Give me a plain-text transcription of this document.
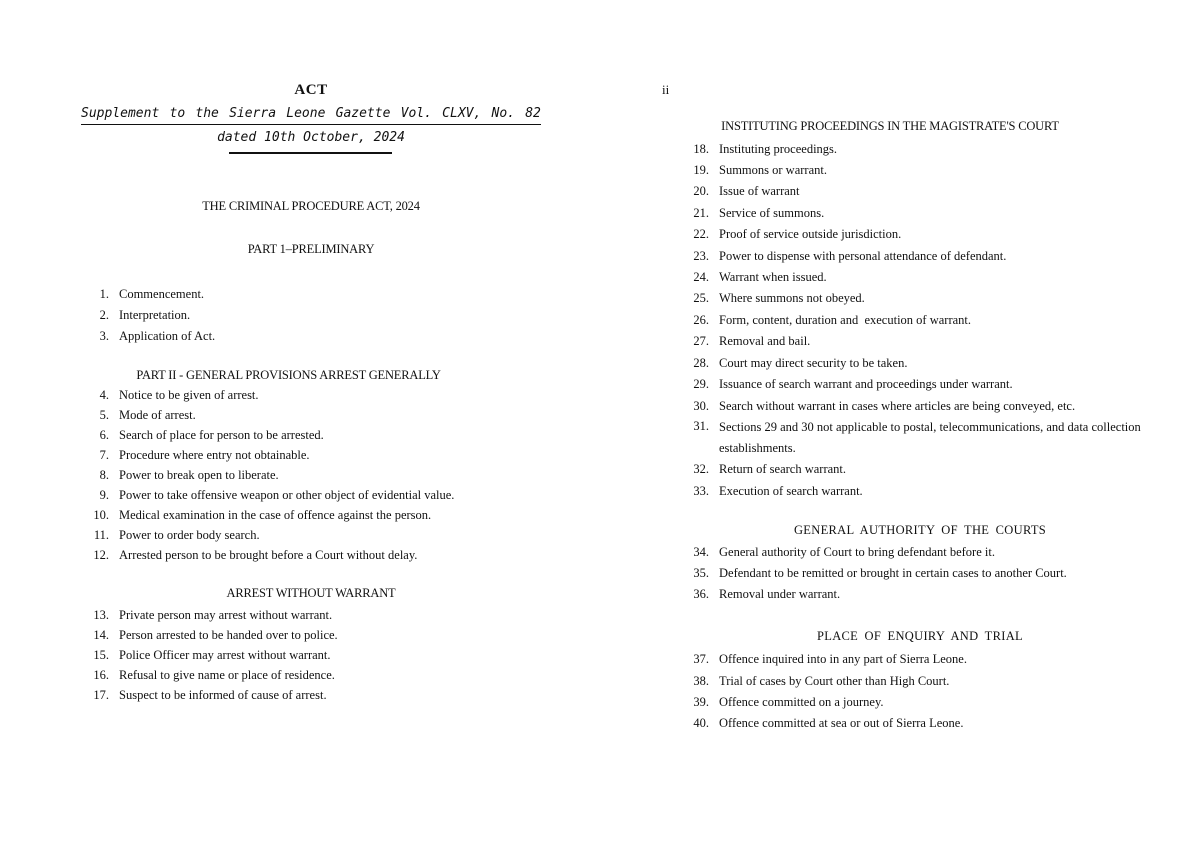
ACT
Supplement to the Sierra Leone Gazette Vol. CLXV, No. 82
dated 10th October, 2024
THE CRIMINAL PROCEDURE ACT, 2024
PART 1–PRELIMINARY
1. Commencement.
2. Interpretation.
3. Application of Act.
PART II - GENERAL PROVISIONS ARREST GENERALLY
4. Notice to be given of arrest.
5. Mode of arrest.
6. Search of place for person to be arrested.
7. Procedure where entry not obtainable.
8. Power to break open to liberate.
9. Power to take offensive weapon or other object of evidential value.
10. Medical examination in the case of offence against the person.
11. Power to order body search.
12. Arrested person to be brought before a Court without delay.
ARREST WITHOUT WARRANT
13. Private person may arrest without warrant.
14. Person arrested to be handed over to police.
15. Police Officer may arrest without warrant.
16. Refusal to give name or place of residence.
17. Suspect to be informed of cause of arrest.
ii
INSTITUTING PROCEEDINGS IN THE MAGISTRATE'S COURT
18. Instituting proceedings.
19. Summons or warrant.
20. Issue of warrant
21. Service of summons.
22. Proof of service outside jurisdiction.
23. Power to dispense with personal attendance of defendant.
24. Warrant when issued.
25. Where summons not obeyed.
26. Form, content, duration and  execution of warrant.
27. Removal and bail.
28. Court may direct security to be taken.
29. Issuance of search warrant and proceedings under warrant.
30. Search without warrant in cases where articles are being conveyed, etc.
31. Sections 29 and 30 not applicable to postal, telecommunications, and data collection establishments.
32. Return of search warrant.
33. Execution of search warrant.
GENERAL AUTHORITY OF THE COURTS
34. General authority of Court to bring defendant before it.
35. Defendant to be remitted or brought in certain cases to another Court.
36. Removal under warrant.
PLACE OF ENQUIRY AND TRIAL
37. Offence inquired into in any part of Sierra Leone.
38. Trial of cases by Court other than High Court.
39. Offence committed on a journey.
40. Offence committed at sea or out of Sierra Leone.
